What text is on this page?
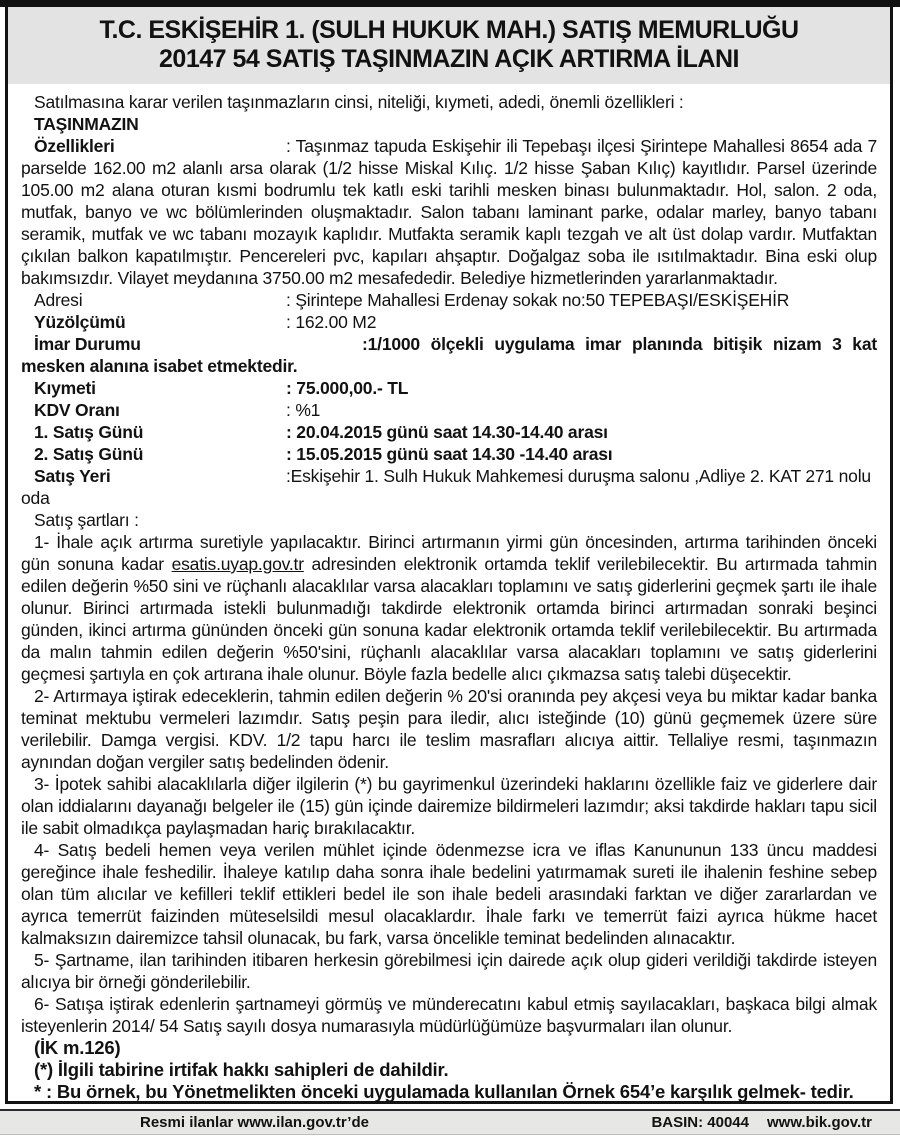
T.C. ESKİŞEHİR 1. (SULH HUKUK MAH.) SATIŞ MEMURLUĞU
20147 54 SATIŞ TAŞINMAZIN AÇIK ARTIRMA İLANI

Satılmasına karar verilen taşınmazların cinsi, niteliği, kıymeti, adedi, önemli özellikleri :

TAŞINMAZIN

Özellikleri	: Taşınmaz tapuda Eskişehir ili Tepebaşı ilçesi Şirintepe Mahallesi 8654 ada 7 parselde 162.00 m2 alanlı arsa olarak (1/2 hisse Miskal Kılıç. 1/2 hisse Şaban Kılıç) kayıtlıdır. Parsel üzerinde 105.00 m2 alana oturan kısmi bodrumlu tek katlı eski tarihli mesken binası bulunmaktadır. Hol, salon. 2 oda, mutfak, banyo ve wc bölümlerinden oluşmaktadır. Salon tabanı laminant parke, odalar marley, banyo tabanı seramik, mutfak ve wc tabanı mozayık kaplıdır. Mutfakta seramik kaplı tezgah ve alt üst dolap vardır. Mutfaktan çıkılan balkon kapatılmıştır. Pencereleri pvc, kapıları ahşaptır. Doğalgaz soba ile ısıtılmaktadır. Bina eski olup bakımsızdır. Vilayet meydanına 3750.00 m2 mesafededir. Belediye hizmetlerinden yararlanmaktadır.

Adresi	: Şirintepe Mahallesi Erdenay sokak no:50 TEPEBAŞI/ESKİŞEHİR

Yüzölçümü	: 162.00 M2

İmar Durumu	:1/1000 ölçekli uygulama imar planında bitişik nizam 3 kat mesken alanına isabet etmektedir.

Kıymeti	: 75.000,00.- TL

KDV Oranı	: %1

1. Satış Günü	: 20.04.2015 günü saat 14.30-14.40 arası

2. Satış Günü	: 15.05.2015 günü saat 14.30 -14.40 arası

Satış Yeri	:Eskişehir 1. Sulh Hukuk Mahkemesi duruşma salonu ,Adliye 2. KAT 271 nolu oda

Satış şartları :

1- İhale açık artırma suretiyle yapılacaktır. Birinci artırmanın yirmi gün öncesinden, artırma tarihinden önceki gün sonuna kadar esatis.uyap.gov.tr adresinden elektronik ortamda teklif verilebilecektir. Bu artırmada tahmin edilen değerin %50 sini ve rüçhanlı alacaklılar varsa alacakları toplamını ve satış giderlerini geçmek şartı ile ihale olunur. Birinci artırmada istekli bulunmadığı takdirde elektronik ortamda birinci artırmadan sonraki beşinci günden, ikinci artırma gününden önceki gün sonuna kadar elektronik ortamda teklif verilebilecektir. Bu artırmada da malın tahmin edilen değerin %50'sini, rüçhanlı alacaklılar varsa alacakları toplamını ve satış giderlerini geçmesi şartıyla en çok artırana ihale olunur. Böyle fazla bedelle alıcı çıkmazsa satış talebi düşecektir.

2- Artırmaya iştirak edeceklerin, tahmin edilen değerin % 20'si oranında pey akçesi veya bu miktar kadar banka teminat mektubu vermeleri lazımdır. Satış peşin para iledir, alıcı isteğinde (10) günü geçmemek üzere süre verilebilir. Damga vergisi. KDV. 1/2 tapu harcı ile teslim masrafları alıcıya aittir. Tellaliye resmi, taşınmazın aynından doğan vergiler satış bedelinden ödenir.

3- İpotek sahibi alacaklılarla diğer ilgilerin (*) bu gayrimenkul üzerindeki haklarını özellikle faiz ve giderlere dair olan iddialarını dayanağı belgeler ile (15) gün içinde dairemize bildirmeleri lazımdır; aksi takdirde hakları tapu sicil ile sabit olmadıkça paylaşmadan hariç bırakılacaktır.

4- Satış bedeli hemen veya verilen mühlet içinde ödenmezse icra ve iflas Kanununun 133 üncu maddesi gereğince ihale feshedilir. İhaleye katılıp daha sonra ihale bedelini yatırmamak sureti ile ihalenin feshine sebep olan tüm alıcılar ve kefilleri teklif ettikleri bedel ile son ihale bedeli arasındaki farktan ve diğer zararlardan ve ayrıca temerrüt faizinden müteselsildi mesul olacaklardır. İhale farkı ve temerrüt faizi ayrıca hükme hacet kalmaksızın dairemizce tahsil olunacak, bu fark, varsa öncelikle teminat bedelinden alınacaktır.

5- Şartname, ilan tarihinden itibaren herkesin görebilmesi için dairede açık olup gideri verildiği takdirde isteyen alıcıya bir örneği gönderilebilir.

6- Satışa iştirak edenlerin şartnameyi görmüş ve münderecatını kabul etmiş sayılacakları, başkaca bilgi almak isteyenlerin 2014/ 54 Satış sayılı dosya numarasıyla müdürlüğümüze başvurmaları ilan olunur.

(İK m.126)

(*) İlgili tabirine irtifak hakkı sahipleri de dahildir.

* : Bu örnek, bu Yönetmelikten önceki uygulamada kullanılan Örnek 654’e karşılık gelmek- tedir.

Resmi ilanlar www.ilan.gov.tr’de	BASIN: 40044 www.bik.gov.tr
